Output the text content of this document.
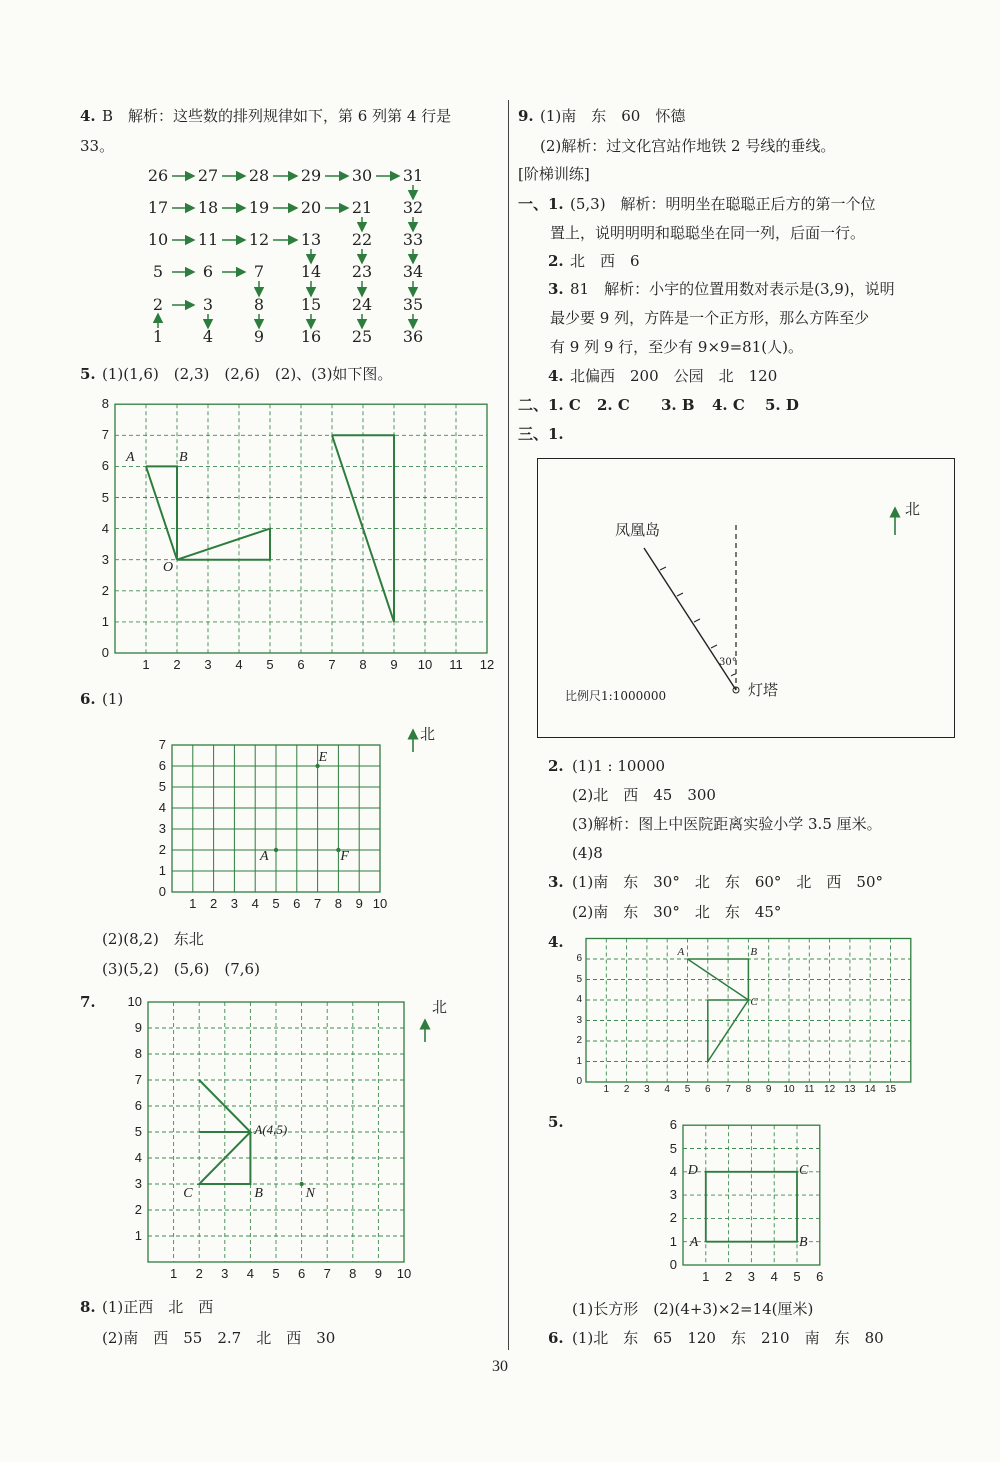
4. B　解析：这些数的排列规律如下，第 6 列第 4 行是
33。
26 27 28 29 30 31
17 18 19 20 21 32
10 11 12 13 22 33
5	6	7	14 23 34
2	3	8	15 24 35
1	4	9	16 25 36
5. (1)(1,6)　(2,3)　(2,6)　(2)、(3)如下图。
1	2	3	4	5	6	7	8	9	10 11 12
0
1
2
3
4
5
6
7
8
A	B
O
6. (1)
1	2	3	4	5	6	7	8	9 10
0
1
2
3
4
5
6
7
E
A	F
北
(2)(8,2)　东北
(3)(5,2)　(5,6)　(7,6)
7.
1	2	3	4	5	6	7	8	9	10
1
2
3
4
5
6
7
8
9
10
A(4,5)
B
C	N
北
8. (1)正西　北　西
(2)南　西　55　2.7　北　西　30
9. (1)南　东　60　怀德
(2)解析：过文化宫站作地铁 2 号线的垂线。
[阶梯训练]
一、 1. (5,3)　解析：明明坐在聪聪正后方的第一个位
置上，说明明明和聪聪坐在同一列，后面一行。
2. 北　西　6
3. 81　解析：小宇的位置用数对表示是(3,9)，说明
最少要 9 列，方阵是一个正方形，那么方阵至少
有 9 列 9 行，至少有 9×9=81(人)。
4. 北偏西　200　公园　北　120
二、 1. C 2. C 3. B 4. C 5. D
三、 1.
凤凰岛
灯塔
30°
比例尺1:1000000
北
2. (1)1 : 10000
(2)北　西　45　300
(3)解析：图上中医院距离实验小学 3.5 厘米。
(4)8
3. (1)南　东　30°　北　东　60°　北　西　50°
(2)南　东　30°　北　东　45°
4.
1	2	3	4	5	6	7	8	9	10 11 12 13 14 15
0
1
2
3
4
5
6
A	B
C
5.
1	2	3	4	5	6
0
1
2
3
4
5
6
A	B
C
D
(1)长方形　(2)(4+3)×2=14(厘米)
6. (1)北　东　65　120　东　210　南　东　80
30
